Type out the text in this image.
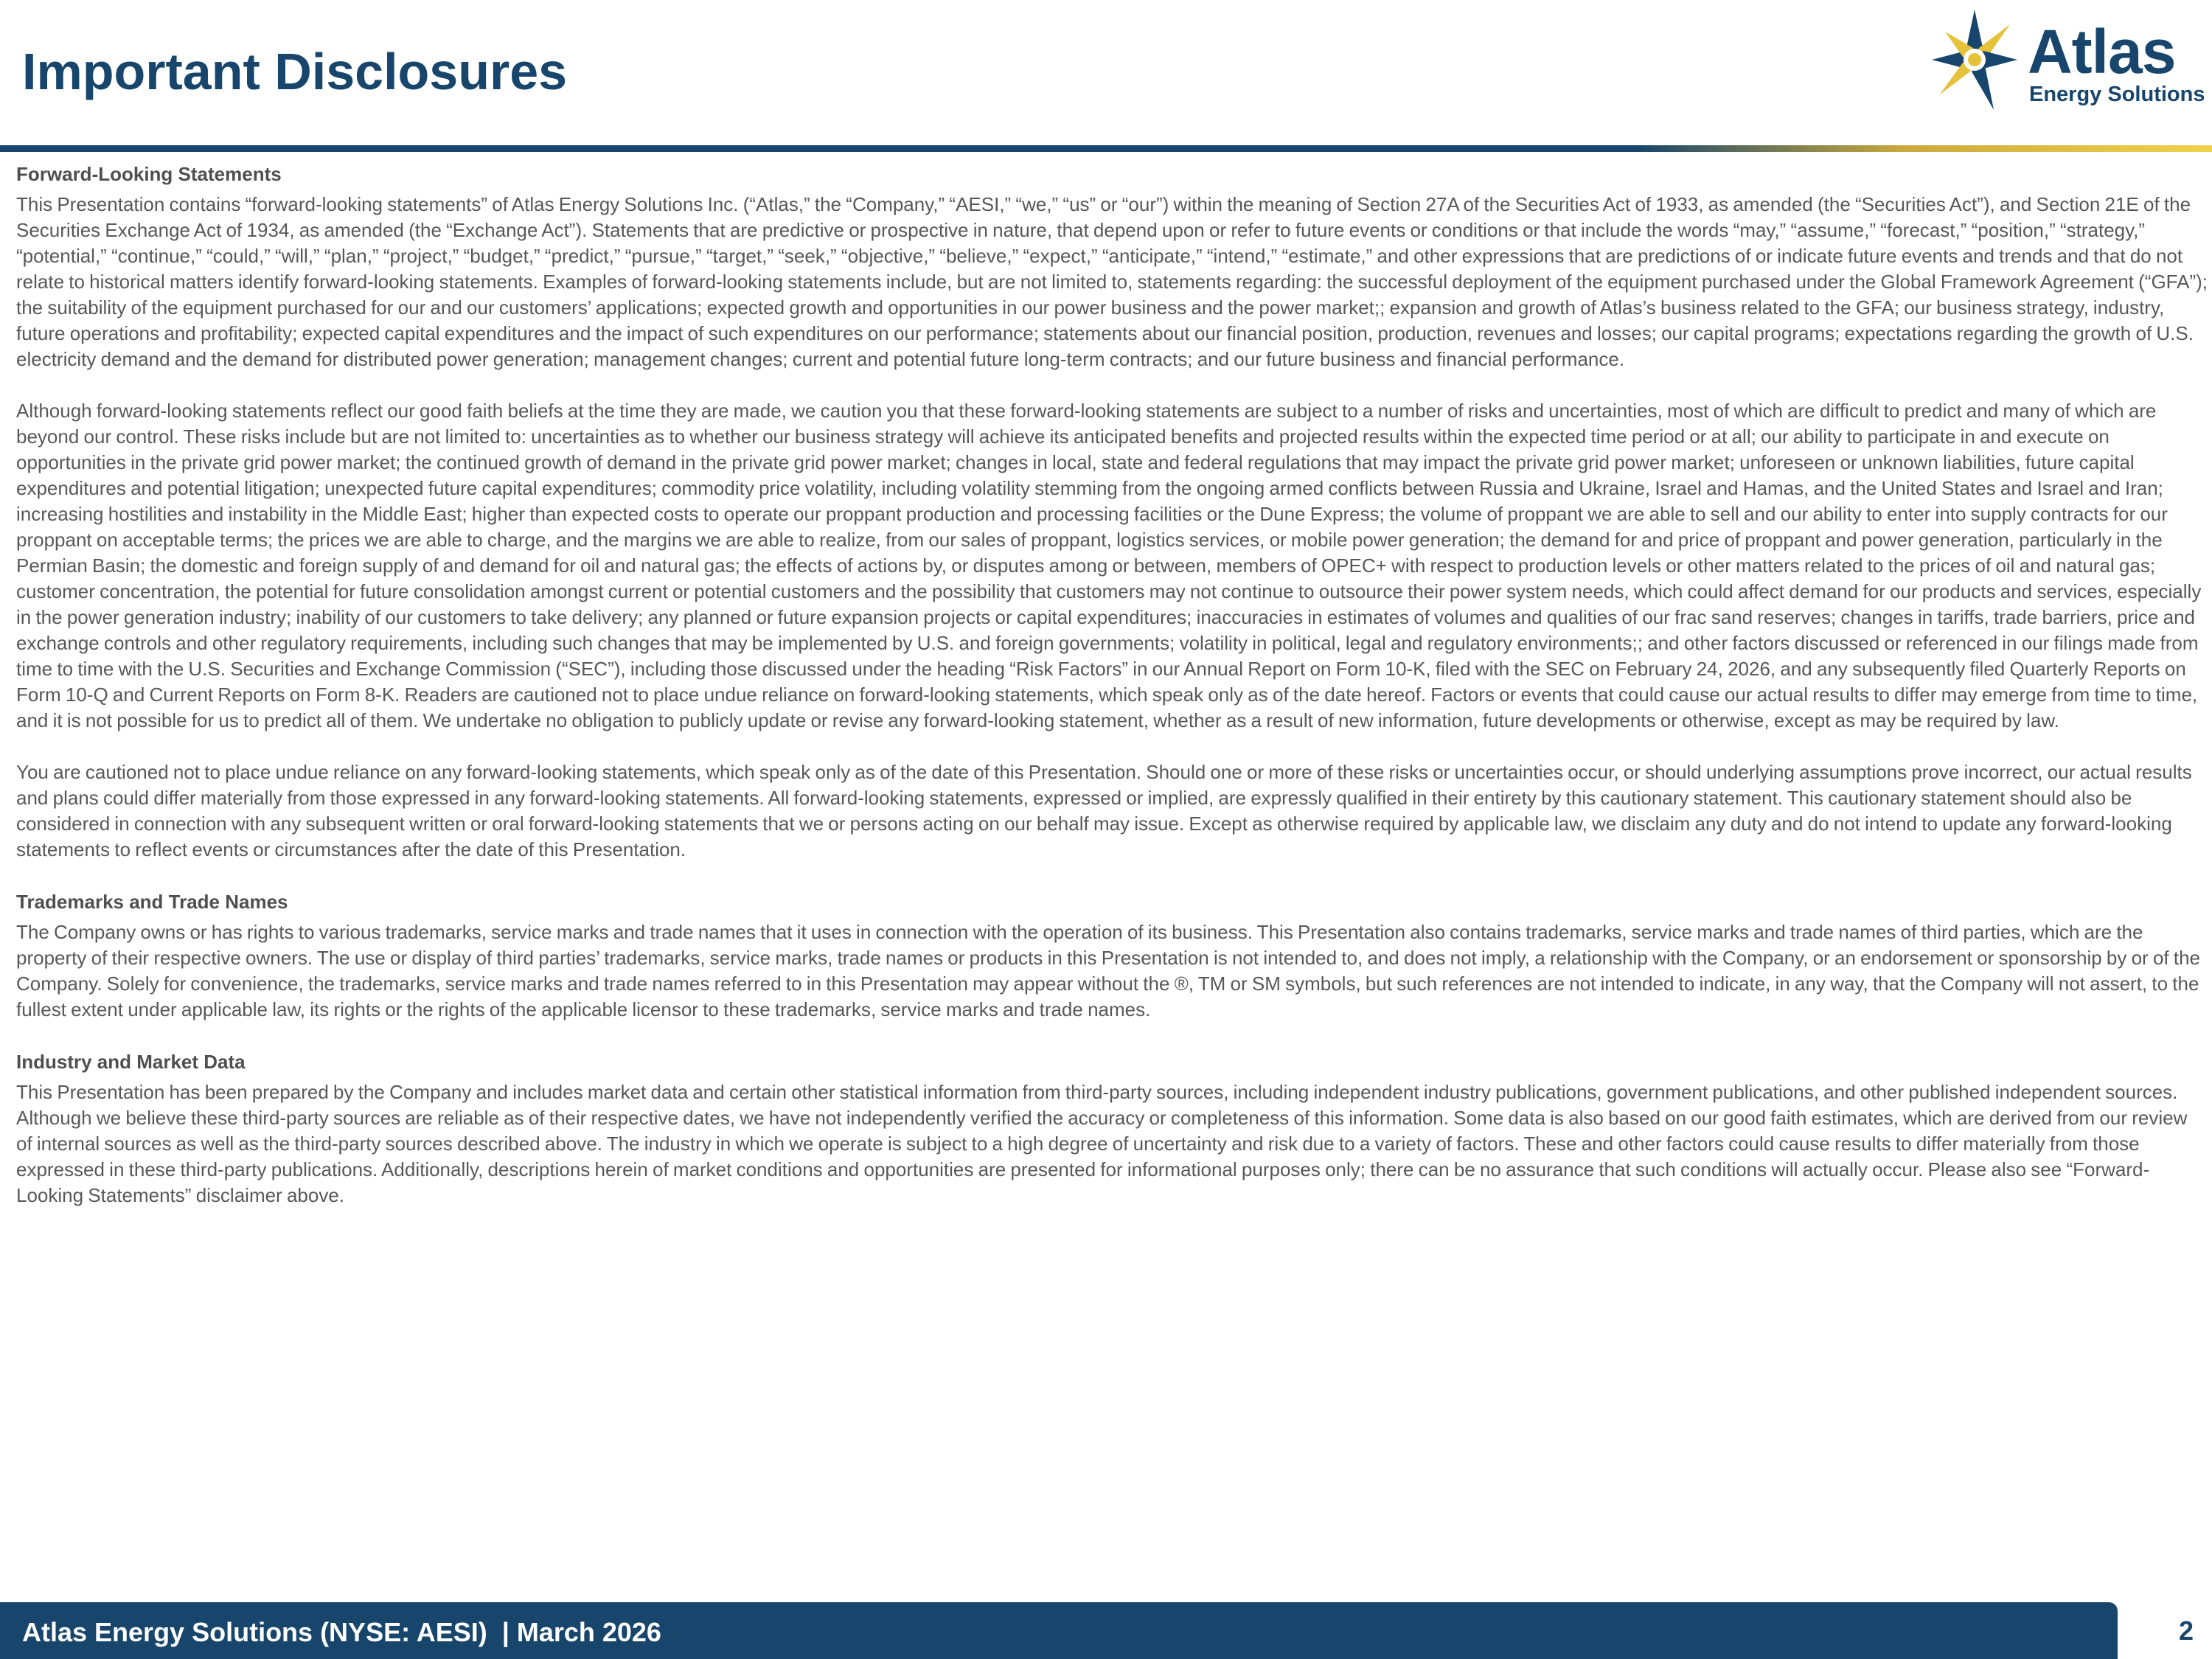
Important Disclosures	Atlas
Energy Solutions
Forward-Looking Statements

This Presentation contains “forward-looking statements” of Atlas Energy Solutions Inc. (“Atlas,” the “Company,” “AESI,” “we,” “us” or “our”) within the meaning of Section 27A of the Securities Act of 1933, as amended (the “Securities Act”), and Section 21E of the Securities Exchange Act of 1934, as amended (the “Exchange Act”). Statements that are predictive or prospective in nature, that depend upon or refer to future events or conditions or that include the words “may,” “assume,” “forecast,” “position,” “strategy,” “potential,” “continue,” “could,” “will,” “plan,” “project,” “budget,” “predict,” “pursue,” “target,” “seek,” “objective,” “believe,” “expect,” “anticipate,” “intend,” “estimate,” and other expressions that are predictions of or indicate future events and trends and that do not relate to historical matters identify forward-looking statements. Examples of forward-looking statements include, but are not limited to, statements regarding: the successful deployment of the equipment purchased under the Global Framework Agreement (“GFA”); the suitability of the equipment purchased for our and our customers’ applications; expected growth and opportunities in our power business and the power market;; expansion and growth of Atlas’s business related to the GFA; our business strategy, industry, future operations and profitability; expected capital expenditures and the impact of such expenditures on our performance; statements about our financial position, production, revenues and losses; our capital programs; expectations regarding the growth of U.S. electricity demand and the demand for distributed power generation; management changes; current and potential future long-term contracts; and our future business and financial performance.

Although forward-looking statements reflect our good faith beliefs at the time they are made, we caution you that these forward-looking statements are subject to a number of risks and uncertainties, most of which are difficult to predict and many of which are beyond our control. These risks include but are not limited to: uncertainties as to whether our business strategy will achieve its anticipated benefits and projected results within the expected time period or at all; our ability to participate in and execute on opportunities in the private grid power market; the continued growth of demand in the private grid power market; changes in local, state and federal regulations that may impact the private grid power market; unforeseen or unknown liabilities, future capital expenditures and potential litigation; unexpected future capital expenditures; commodity price volatility, including volatility stemming from the ongoing armed conflicts between Russia and Ukraine, Israel and Hamas, and the United States and Israel and Iran; increasing hostilities and instability in the Middle East; higher than expected costs to operate our proppant production and processing facilities or the Dune Express; the volume of proppant we are able to sell and our ability to enter into supply contracts for our proppant on acceptable terms; the prices we are able to charge, and the margins we are able to realize, from our sales of proppant, logistics services, or mobile power generation; the demand for and price of proppant and power generation, particularly in the Permian Basin; the domestic and foreign supply of and demand for oil and natural gas; the effects of actions by, or disputes among or between, members of OPEC+ with respect to production levels or other matters related to the prices of oil and natural gas; customer concentration, the potential for future consolidation amongst current or potential customers and the possibility that customers may not continue to outsource their power system needs, which could affect demand for our products and services, especially in the power generation industry; inability of our customers to take delivery; any planned or future expansion projects or capital expenditures; inaccuracies in estimates of volumes and qualities of our frac sand reserves; changes in tariffs, trade barriers, price and exchange controls and other regulatory requirements, including such changes that may be implemented by U.S. and foreign governments; volatility in political, legal and regulatory environments;; and other factors discussed or referenced in our filings made from time to time with the U.S. Securities and Exchange Commission (“SEC”), including those discussed under the heading “Risk Factors” in our Annual Report on Form 10-K, filed with the SEC on February 24, 2026, and any subsequently filed Quarterly Reports on Form 10-Q and Current Reports on Form 8-K. Readers are cautioned not to place undue reliance on forward-looking statements, which speak only as of the date hereof. Factors or events that could cause our actual results to differ may emerge from time to time, and it is not possible for us to predict all of them. We undertake no obligation to publicly update or revise any forward-looking statement, whether as a result of new information, future developments or otherwise, except as may be required by law.

You are cautioned not to place undue reliance on any forward-looking statements, which speak only as of the date of this Presentation. Should one or more of these risks or uncertainties occur, or should underlying assumptions prove incorrect, our actual results and plans could differ materially from those expressed in any forward-looking statements. All forward-looking statements, expressed or implied, are expressly qualified in their entirety by this cautionary statement. This cautionary statement should also be considered in connection with any subsequent written or oral forward-looking statements that we or persons acting on our behalf may issue. Except as otherwise required by applicable law, we disclaim any duty and do not intend to update any forward-looking statements to reflect events or circumstances after the date of this Presentation.

Trademarks and Trade Names

The Company owns or has rights to various trademarks, service marks and trade names that it uses in connection with the operation of its business. This Presentation also contains trademarks, service marks and trade names of third parties, which are the property of their respective owners. The use or display of third parties’ trademarks, service marks, trade names or products in this Presentation is not intended to, and does not imply, a relationship with the Company, or an endorsement or sponsorship by or of the Company. Solely for convenience, the trademarks, service marks and trade names referred to in this Presentation may appear without the ®, TM or SM symbols, but such references are not intended to indicate, in any way, that the Company will not assert, to the fullest extent under applicable law, its rights or the rights of the applicable licensor to these trademarks, service marks and trade names.

Industry and Market Data

This Presentation has been prepared by the Company and includes market data and certain other statistical information from third-party sources, including independent industry publications, government publications, and other published independent sources. Although we believe these third-party sources are reliable as of their respective dates, we have not independently verified the accuracy or completeness of this information. Some data is also based on our good faith estimates, which are derived from our review of internal sources as well as the third-party sources described above. The industry in which we operate is subject to a high degree of uncertainty and risk due to a variety of factors. These and other factors could cause results to differ materially from those expressed in these third-party publications. Additionally, descriptions herein of market conditions and opportunities are presented for informational purposes only; there can be no assurance that such conditions will actually occur. Please also see “Forward-Looking Statements” disclaimer above.

Atlas Energy Solutions (NYSE: AESI)  | March 2026	2
